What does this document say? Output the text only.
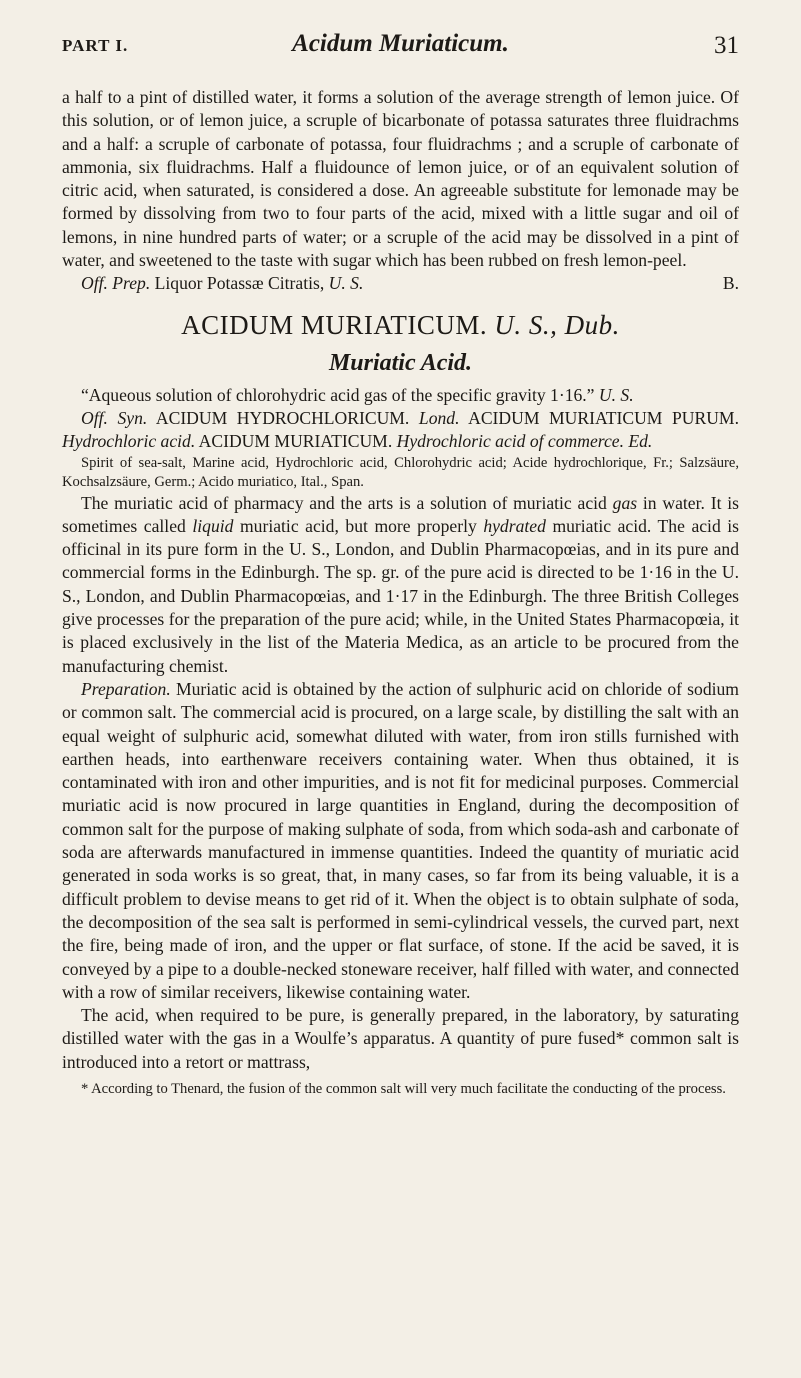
PART I.	Acidum Muriaticum.	31

a half to a pint of distilled water, it forms a solution of the average strength of lemon juice. Of this solution, or of lemon juice, a scruple of bicarbonate of potassa saturates three fluidrachms and a half: a scruple of carbonate of potassa, four fluidrachms ; and a scruple of carbonate of ammonia, six fluidrachms. Half a fluidounce of lemon juice, or of an equivalent solution of citric acid, when saturated, is considered a dose. An agreeable substitute for lemonade may be formed by dissolving from two to four parts of the acid, mixed with a little sugar and oil of lemons, in nine hundred parts of water; or a scruple of the acid may be dissolved in a pint of water, and sweetened to the taste with sugar which has been rubbed on fresh lemon-peel.

Off. Prep. Liquor Potassæ Citratis, U. S.	B.

ACIDUM MURIATICUM. U. S., Dub.
Muriatic Acid.

“Aqueous solution of chlorohydric acid gas of the specific gravity 1·16.” U. S.

Off. Syn. ACIDUM HYDROCHLORICUM. Lond. ACIDUM MURIATICUM PURUM. Hydrochloric acid. ACIDUM MURIATICUM. Hydrochloric acid of commerce. Ed.

Spirit of sea-salt, Marine acid, Hydrochloric acid, Chlorohydric acid; Acide hydrochlorique, Fr.; Salzsäure, Kochsalzsäure, Germ.; Acido muriatico, Ital., Span.

The muriatic acid of pharmacy and the arts is a solution of muriatic acid gas in water. It is sometimes called liquid muriatic acid, but more properly hydrated muriatic acid. The acid is officinal in its pure form in the U. S., London, and Dublin Pharmacopœias, and in its pure and commercial forms in the Edinburgh. The sp. gr. of the pure acid is directed to be 1·16 in the U. S., London, and Dublin Pharmacopœias, and 1·17 in the Edinburgh. The three British Colleges give processes for the preparation of the pure acid; while, in the United States Pharmacopœia, it is placed exclusively in the list of the Materia Medica, as an article to be procured from the manufacturing chemist.

Preparation. Muriatic acid is obtained by the action of sulphuric acid on chloride of sodium or common salt. The commercial acid is procured, on a large scale, by distilling the salt with an equal weight of sulphuric acid, somewhat diluted with water, from iron stills furnished with earthen heads, into earthenware receivers containing water. When thus obtained, it is contaminated with iron and other impurities, and is not fit for medicinal purposes. Commercial muriatic acid is now procured in large quantities in England, during the decomposition of common salt for the purpose of making sulphate of soda, from which soda-ash and carbonate of soda are afterwards manufactured in immense quantities. Indeed the quantity of muriatic acid generated in soda works is so great, that, in many cases, so far from its being valuable, it is a difficult problem to devise means to get rid of it. When the object is to obtain sulphate of soda, the decomposition of the sea salt is performed in semi-cylindrical vessels, the curved part, next the fire, being made of iron, and the upper or flat surface, of stone. If the acid be saved, it is conveyed by a pipe to a double-necked stoneware receiver, half filled with water, and connected with a row of similar receivers, likewise containing water.

The acid, when required to be pure, is generally prepared, in the laboratory, by saturating distilled water with the gas in a Woulfe’s apparatus. A quantity of pure fused* common salt is introduced into a retort or mattrass,

* According to Thenard, the fusion of the common salt will very much facilitate the conducting of the process.
